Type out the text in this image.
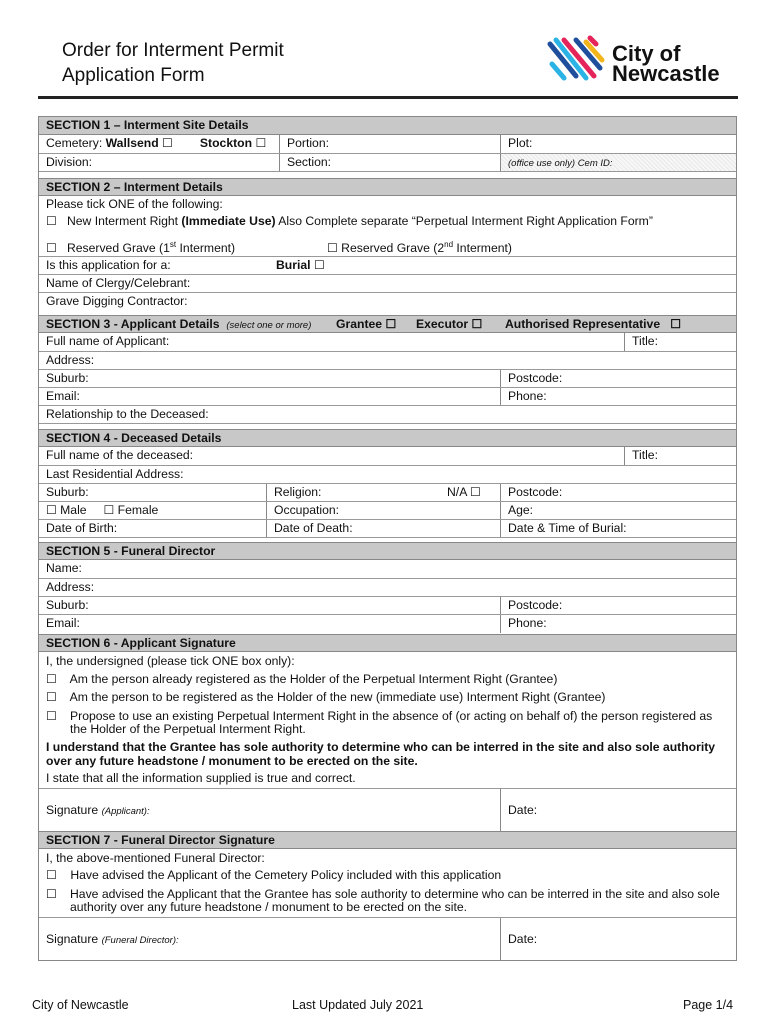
Order for Interment Permit
Application Form
City of
Newcastle
SECTION 1 – Interment Site Details
Cemetery: Wallsend ☐ Stockton ☐	Portion:	Plot:
Division:	Section:	(office use only) Cem ID:
SECTION 2 – Interment Details
Please tick ONE of the following:
☐ New Interment Right (Immediate Use) Also Complete separate “Perpetual Interment Right Application Form”
☐ Reserved Grave (1st Interment)	☐ Reserved Grave (2nd Interment)
Is this application for a:	Burial ☐
Name of Clergy/Celebrant:
Grave Digging Contractor:
SECTION 3 - Applicant Details (select one or more) Grantee ☐ Executor ☐ Authorised Representative ☐
Full name of Applicant:	Title:
Address:
Suburb:	Postcode:
Email:	Phone:
Relationship to the Deceased:
SECTION 4 - Deceased Details
Full name of the deceased:	Title:
Last Residential Address:
Suburb:	Religion:	N/A ☐	Postcode:
☐ Male ☐ Female	Occupation:	Age:
Date of Birth:	Date of Death:	Date & Time of Burial:
SECTION 5 - Funeral Director
Name:
Address:
Suburb:	Postcode:
Email:	Phone:
SECTION 6 - Applicant Signature
I, the undersigned (please tick ONE box only):
☐ Am the person already registered as the Holder of the Perpetual Interment Right (Grantee)
☐ Am the person to be registered as the Holder of the new (immediate use) Interment Right (Grantee)
☐ Propose to use an existing Perpetual Interment Right in the absence of (or acting on behalf of) the person registered as the Holder of the Perpetual Interment Right.
I understand that the Grantee has sole authority to determine who can be interred in the site and also sole authority over any future headstone / monument to be erected on the site.
I state that all the information supplied is true and correct.
Signature (Applicant):	Date:
SECTION 7 - Funeral Director Signature
I, the above-mentioned Funeral Director:
☐ Have advised the Applicant of the Cemetery Policy included with this application
☐ Have advised the Applicant that the Grantee has sole authority to determine who can be interred in the site and also sole authority over any future headstone / monument to be erected on the site.
Signature (Funeral Director):	Date:
City of Newcastle	Last Updated July 2021	Page 1/4
